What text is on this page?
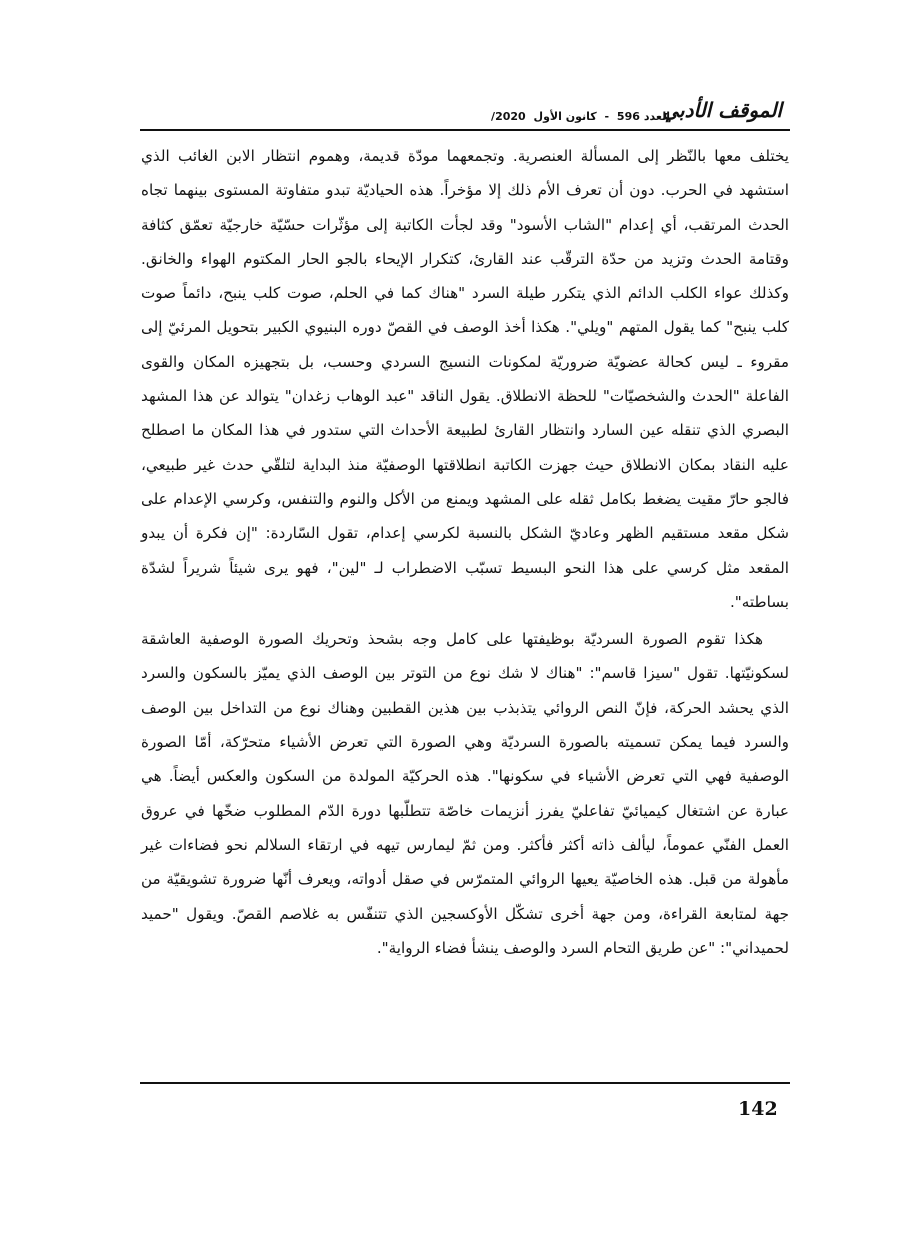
الموقف الأدبي
العدد596 - كانون الأول 2020/

يختلف معها بالنّظر إلى المسألة العنصرية. وتجمعهما مودّة قديمة، وهموم انتظار الابن الغائب الذي استشهد في الحرب. دون أن تعرف الأم ذلك إلا مؤخراً. هذه الحياديّة تبدو متفاوتة المستوى بينهما تجاه الحدث المرتقب، أي إعدام "الشاب الأسود" وقد لجأت الكاتبة إلى مؤثّرات حسّيّة خارجيّة تعمّق كثافة وقتامة الحدث وتزيد من حدّة الترقّب عند القارئ، كتكرار الإيحاء بالجو الحار المكتوم الهواء والخانق. وكذلك عواء الكلب الدائم الذي يتكرر طيلة السرد "هناك كما في الحلم، صوت كلب ينبح، دائماً صوت كلب ينبح" كما يقول المتهم "ويلي". هكذا أخذ الوصف في القصّ دوره البنيوي الكبير بتحويل المرئيّ إلى مقروء ـ ليس كحالة عضويّة ضروريّة لمكونات النسيج السردي وحسب، بل بتجهيزه المكان والقوى الفاعلة "الحدث والشخصيّات" للحظة الانطلاق. يقول الناقد "عبد الوهاب زغدان" يتوالد عن هذا المشهد البصري الذي تنقله عين السارد وانتظار القارئ لطبيعة الأحداث التي ستدور في هذا المكان ما اصطلح عليه النقاد بمكان الانطلاق حيث جهزت الكاتبة انطلاقتها الوصفيّة منذ البداية لتلقّي حدث غير طبيعي، فالجو حارّ مقيت يضغط بكامل ثقله على المشهد ويمنع من الأكل والنوم والتنفس، وكرسي الإعدام على شكل مقعد مستقيم الظهر وعاديّ الشكل بالنسبة لكرسي إعدام، تقول السّاردة: "إن فكرة أن يبدو المقعد مثل كرسي على هذا النحو البسيط تسبّب الاضطراب لـ "لين"، فهو يرى شيئاً شريراً لشدّة بساطته".

هكذا تقوم الصورة السرديّة بوظيفتها على كامل وجه بشحذ وتحريك الصورة الوصفية العاشقة لسكونيّتها. تقول "سيزا قاسم": "هناك لا شك نوع من التوتر بين الوصف الذي يميّز بالسكون والسرد الذي يحشد الحركة، فإنّ النص الروائي يتذبذب بين هذين القطبين وهناك نوع من التداخل بين الوصف والسرد فيما يمكن تسميته بالصورة السرديّة وهي الصورة التي تعرض الأشياء متحرّكة، أمّا الصورة الوصفية فهي التي تعرض الأشياء في سكونها". هذه الحركيّة المولدة من السكون والعكس أيضاً. هي عبارة عن اشتغال كيميائيّ تفاعليّ يفرز أنزيمات خاصّة تتطلّبها دورة الدّم المطلوب ضخّها في عروق العمل الفنّي عموماً، ليألف ذاته أكثر فأكثر. ومن ثمّ ليمارس تيهه في ارتقاء السلالم نحو فضاءات غير مأهولة من قبل. هذه الخاصيّة يعيها الروائي المتمرّس في صقل أدواته، ويعرف أنّها ضرورة تشويقيّة من جهة لمتابعة القراءة، ومن جهة أخرى تشكّل الأوكسجين الذي تتنفّس به غلاصم القصّ. ويقول "حميد لحميداني": "عن طريق التحام السرد والوصف ينشأ فضاء الرواية".

142
